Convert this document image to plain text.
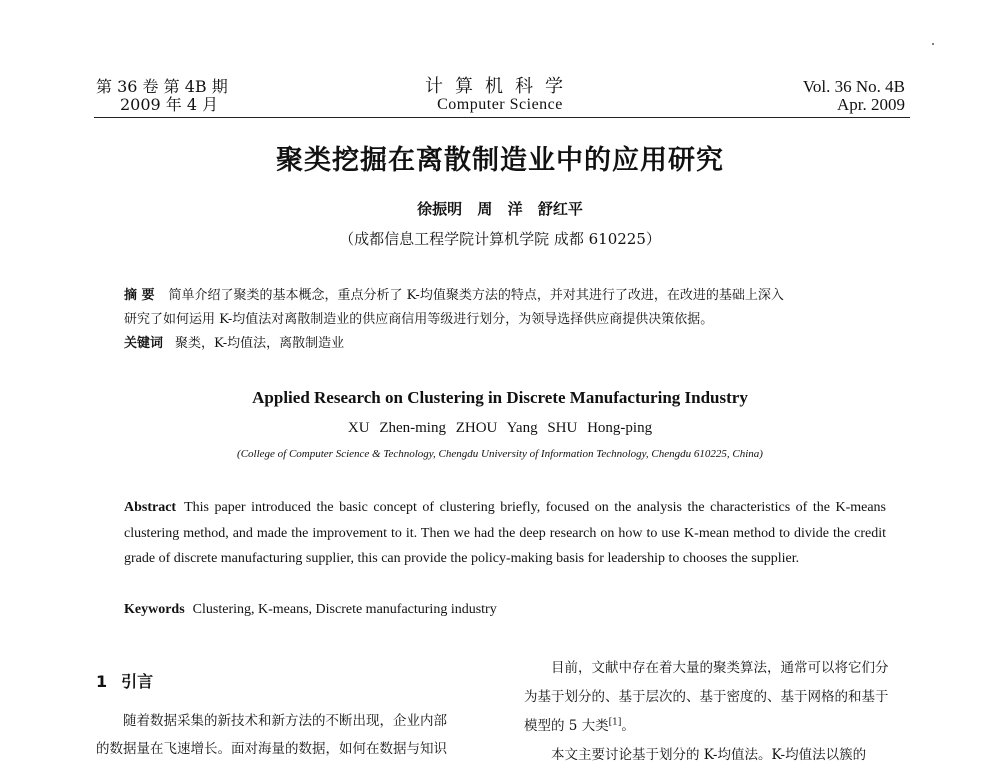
第 36 卷 第 4B 期
2009 年 4 月
计算机科学
Computer Science
Vol. 36 No. 4B
Apr. 2009
聚类挖掘在离散制造业中的应用研究
徐振明 周 洋 舒红平
（成都信息工程学院计算机学院 成都 610225）
摘 要 简单介绍了聚类的基本概念，重点分析了 K-均值聚类方法的特点，并对其进行了改进，在改进的基础上深入
研究了如何运用 K-均值法对离散制造业的供应商信用等级进行划分，为领导选择供应商提供决策依据。
关键词 聚类，K-均值法，离散制造业
Applied Research on Clustering in Discrete Manufacturing Industry
XU Zhen-ming ZHOU Yang SHU Hong-ping
(College of Computer Science & Technology, Chengdu University of Information Technology, Chengdu 610225, China)
Abstract This paper introduced the basic concept of clustering briefly, focused on the analysis the characteristics of the K-means clustering method, and made the improvement to it. Then we had the deep research on how to use K-mean method to divide the credit grade of discrete manufacturing supplier, this can provide the policy-making basis for leadership to chooses the supplier.
Keywords Clustering, K-means, Discrete manufacturing industry
1 引言
随着数据采集的新技术和新方法的不断出现，企业内部
的数据量在飞速增长。面对海量的数据，如何在数据与知识
目前，文献中存在着大量的聚类算法，通常可以将它们分
为基于划分的、基于层次的、基于密度的、基于网格的和基于
模型的 5 大类[1]。
本文主要讨论基于划分的 K-均值法。K-均值法以簇的
